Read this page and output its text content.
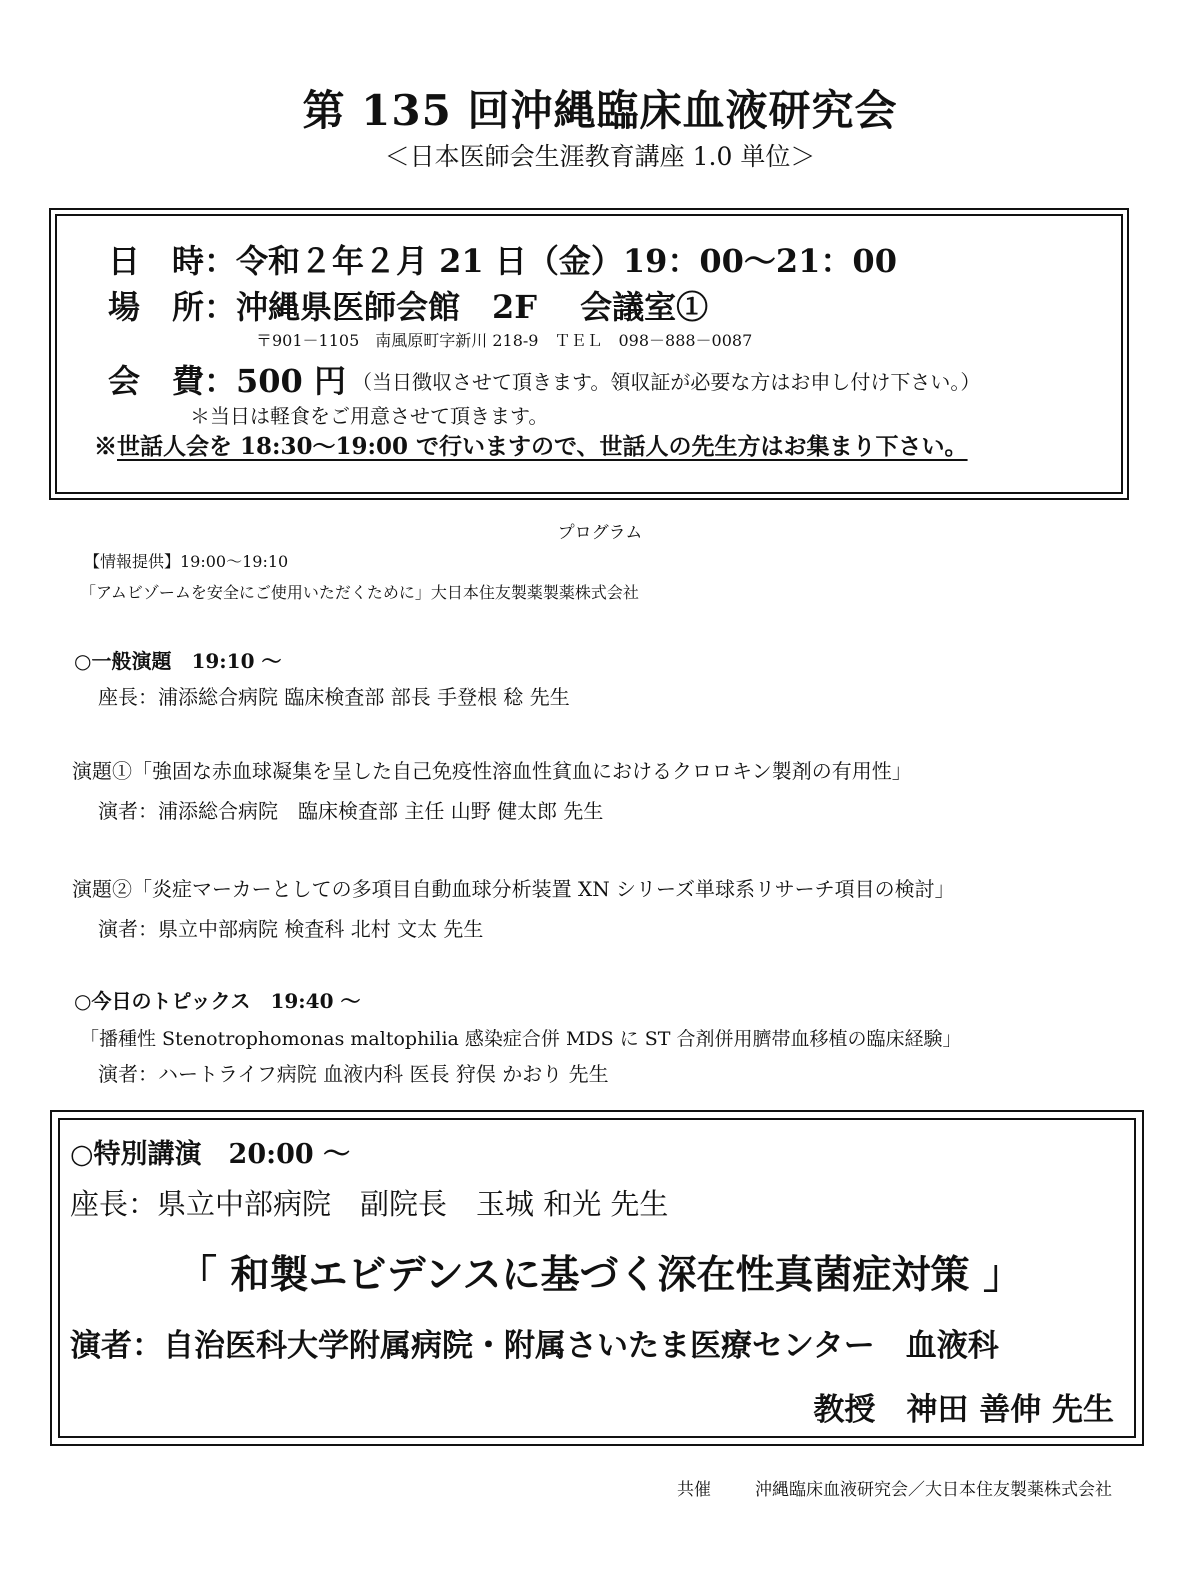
第 135 回沖縄臨床血液研究会
＜日本医師会生涯教育講座 1.0 単位＞
日　時：令和２年２月 21 日（金）19：00～21：00
場　所：沖縄県医師会館　2F　 会議室①
〒901－1105　南風原町字新川 218-9　ＴＥＬ　098－888－0087
会　費：500 円 （当日徴収させて頂きます。領収証が必要な方はお申し付け下さい。）
＊当日は軽食をご用意させて頂きます。
※世話人会を 18:30～19:00 で行いますので、世話人の先生方はお集まり下さい。
プログラム
【情報提供】19:00～19:10
「アムビゾームを安全にご使用いただくために」大日本住友製薬製薬株式会社
○一般演題　19:10 ～
座長：浦添総合病院 臨床検査部 部長 手登根 稔 先生
演題①「強固な赤血球凝集を呈した自己免疫性溶血性貧血におけるクロロキン製剤の有用性」
演者：浦添総合病院　臨床検査部 主任 山野 健太郎 先生
演題②「炎症マーカーとしての多項目自動血球分析装置 XN シリーズ単球系リサーチ項目の検討」
演者：県立中部病院 検査科 北村 文太 先生
○今日のトピックス　19:40 ～
「播種性 Stenotrophomonas maltophilia 感染症合併 MDS に ST 合剤併用臍帯血移植の臨床経験」
演者：ハートライフ病院 血液内科 医長 狩俣 かおり 先生
○特別講演　20:00 ～
座長：県立中部病院　副院長　玉城 和光 先生
「 和製エビデンスに基づく深在性真菌症対策 」
演者：自治医科大学附属病院・附属さいたま医療センター　血液科
教授　神田 善伸 先生
共催	沖縄臨床血液研究会／大日本住友製薬株式会社
